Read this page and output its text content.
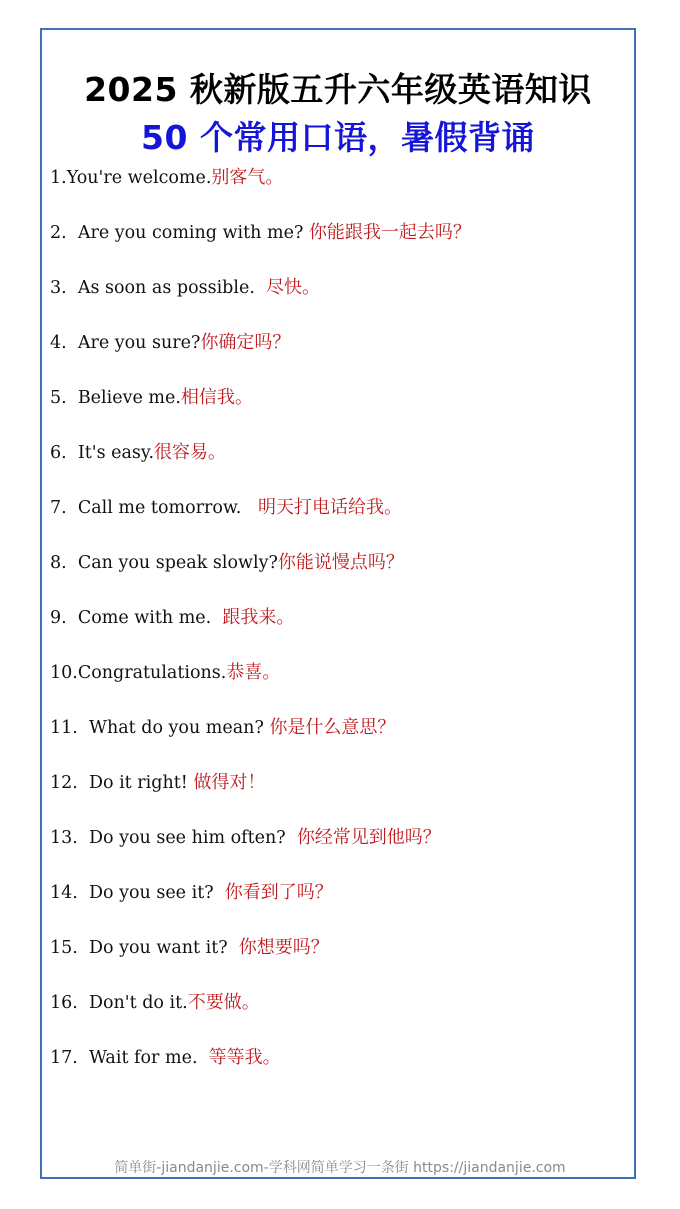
2025 秋新版五升六年级英语知识
50 个常用口语，暑假背诵
1.You're welcome.别客气。
2.  Are you coming with me? 你能跟我一起去吗？
3.  As soon as possible.  尽快。
4.  Are you sure?你确定吗？
5.  Believe me.相信我。
6.  It's easy.很容易。
7.  Call me tomorrow.   明天打电话给我。
8.  Can you speak slowly?你能说慢点吗？
9.  Come with me.  跟我来。
10.Congratulations.恭喜。
11.  What do you mean? 你是什么意思？
12.  Do it right! 做得对！
13.  Do you see him often?  你经常见到他吗？
14.  Do you see it?  你看到了吗？
15.  Do you want it?  你想要吗？
16.  Don't do it.不要做。
17.  Wait for me.  等等我。
简单街-jiandanjie.com-学科网简单学习一条街 https://jiandanjie.com
